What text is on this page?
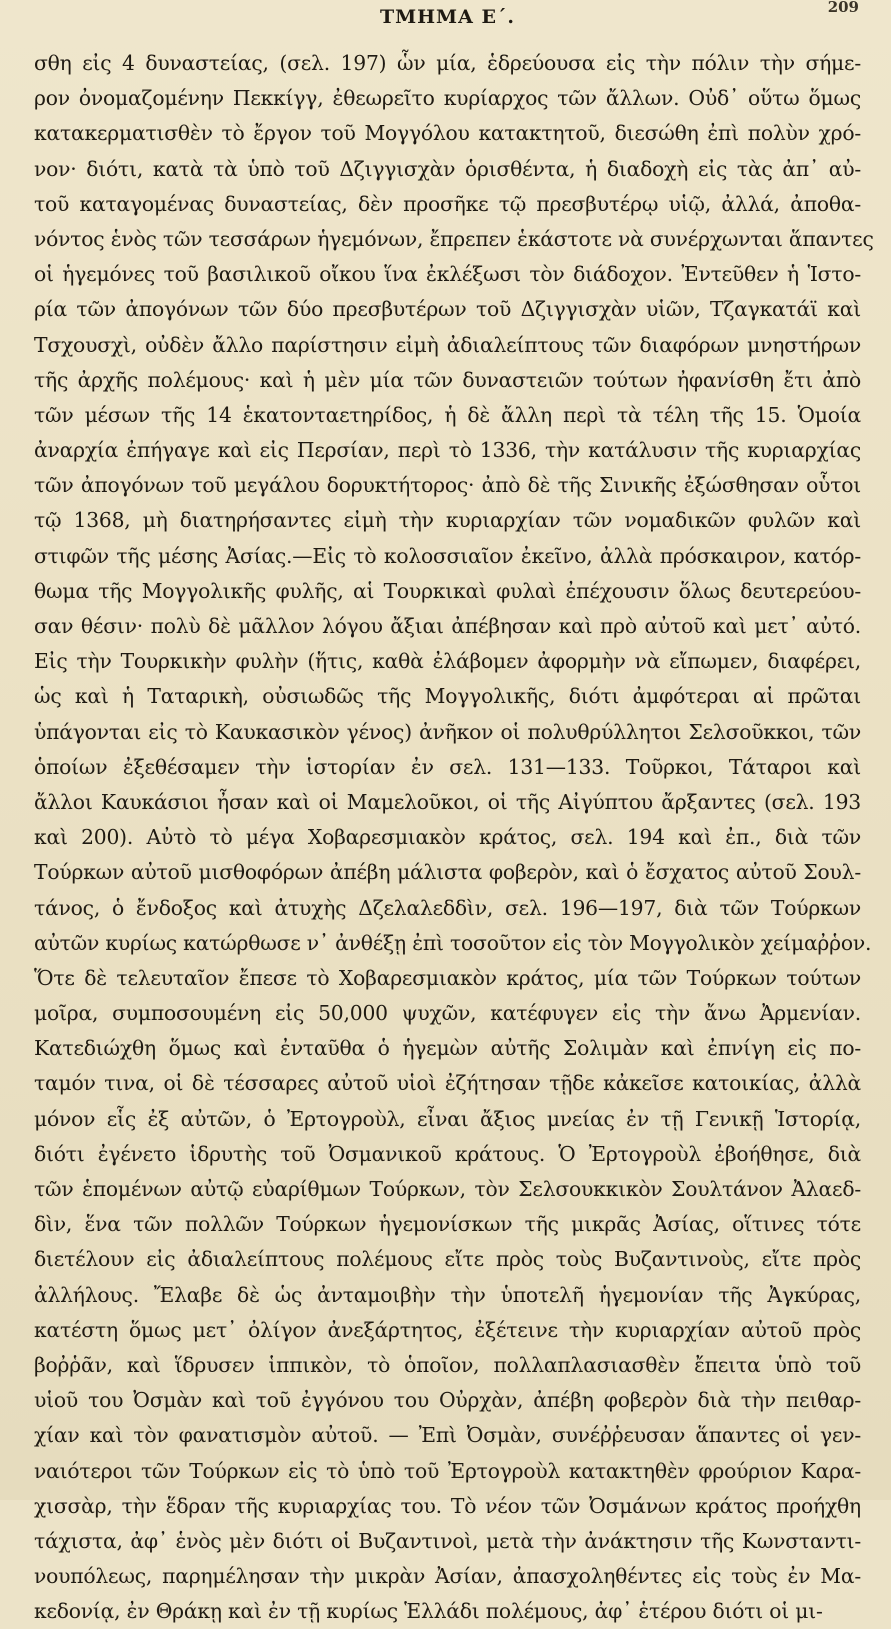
ΤΜΗΜΑ Ε΄.	209
σθη εἰς 4 δυναστείας, (σελ. 197) ὧν μία, ἑδρεύουσα εἰς τὴν πόλιν τὴν σήμε-
ρον ὀνομαζομένην Πεκκίγγ, ἐθεωρεῖτο κυρίαρχος τῶν ἄλλων. Οὐδ᾽ οὕτω ὅμως
κατακερματισθὲν τὸ ἔργον τοῦ Μογγόλου κατακτητοῦ, διεσώθη ἐπὶ πολὺν χρό-
νον· διότι, κατὰ τὰ ὑπὸ τοῦ Δζιγγισχὰν ὁρισθέντα, ἡ διαδοχὴ εἰς τὰς ἀπ᾽ αὐ-
τοῦ καταγομένας δυναστείας, δὲν προσῆκε τῷ πρεσβυτέρῳ υἱῷ, ἀλλά, ἀποθα-
νόντος ἑνὸς τῶν τεσσάρων ἡγεμόνων, ἔπρεπεν ἑκάστοτε νὰ συνέρχωνται ἅπαντες
οἱ ἡγεμόνες τοῦ βασιλικοῦ οἴκου ἵνα ἐκλέξωσι τὸν διάδοχον. Ἐντεῦθεν ἡ Ἱστο-
ρία τῶν ἀπογόνων τῶν δύο πρεσβυτέρων τοῦ Δζιγγισχὰν υἱῶν, Τζαγκατάϊ καὶ
Τσχουσχὶ, οὐδὲν ἄλλο παρίστησιν εἰμὴ ἀδιαλείπτους τῶν διαφόρων μνηστήρων
τῆς ἀρχῆς πολέμους· καὶ ἡ μὲν μία τῶν δυναστειῶν τούτων ἠφανίσθη ἔτι ἀπὸ
τῶν μέσων τῆς 14 ἑκατονταετηρίδος, ἡ δὲ ἄλλη περὶ τὰ τέλη τῆς 15. Ὁμοία
ἀναρχία ἐπήγαγε καὶ εἰς Περσίαν, περὶ τὸ 1336, τὴν κατάλυσιν τῆς κυριαρχίας
τῶν ἀπογόνων τοῦ μεγάλου δορυκτήτορος· ἀπὸ δὲ τῆς Σινικῆς ἐξώσθησαν οὗτοι
τῷ 1368, μὴ διατηρήσαντες εἰμὴ τὴν κυριαρχίαν τῶν νομαδικῶν φυλῶν καὶ
στιφῶν τῆς μέσης Ἀσίας.—Εἰς τὸ κολοσσιαῖον ἐκεῖνο, ἀλλὰ πρόσκαιρον, κατόρ-
θωμα τῆς Μογγολικῆς φυλῆς, αἱ Τουρκικαὶ φυλαὶ ἐπέχουσιν ὅλως δευτερεύου-
σαν θέσιν· πολὺ δὲ μᾶλλον λόγου ἄξιαι ἀπέβησαν καὶ πρὸ αὐτοῦ καὶ μετ᾽ αὐτό.
Εἰς τὴν Τουρκικὴν φυλὴν (ἥτις, καθὰ ἐλάβομεν ἀφορμὴν νὰ εἴπωμεν, διαφέρει,
ὡς καὶ ἡ Ταταρικὴ, οὐσιωδῶς τῆς Μογγολικῆς, διότι ἀμφότεραι αἱ πρῶται
ὑπάγονται εἰς τὸ Καυκασικὸν γένος) ἀνῆκον οἱ πολυθρύλλητοι Σελσοῦκκοι, τῶν
ὁποίων ἐξεθέσαμεν τὴν ἱστορίαν ἐν σελ. 131—133. Τοῦρκοι, Τάταροι καὶ
ἄλλοι Καυκάσιοι ἦσαν καὶ οἱ Μαμελοῦκοι, οἱ τῆς Αἰγύπτου ἄρξαντες (σελ. 193
καὶ 200). Αὐτὸ τὸ μέγα Χοβαρεσμιακὸν κράτος, σελ. 194 καὶ ἐπ., διὰ τῶν
Τούρκων αὐτοῦ μισθοφόρων ἀπέβη μάλιστα φοβερὸν, καὶ ὁ ἔσχατος αὐτοῦ Σουλ-
τάνος, ὁ ἔνδοξος καὶ ἀτυχὴς Δζελαλεδδὶν, σελ. 196—197, διὰ τῶν Τούρκων
αὐτῶν κυρίως κατώρθωσε ν᾽ ἀνθέξῃ ἐπὶ τοσοῦτον εἰς τὸν Μογγολικὸν χείμαῤῥον.
Ὅτε δὲ τελευταῖον ἔπεσε τὸ Χοβαρεσμιακὸν κράτος, μία τῶν Τούρκων τούτων
μοῖρα, συμποσουμένη εἰς 50,000 ψυχῶν, κατέφυγεν εἰς τὴν ἄνω Ἀρμενίαν.
Κατεδιώχθη ὅμως καὶ ἐνταῦθα ὁ ἡγεμὼν αὐτῆς Σολιμὰν καὶ ἐπνίγη εἰς πο-
ταμόν τινα, οἱ δὲ τέσσαρες αὐτοῦ υἱοὶ ἐζήτησαν τῇδε κἀκεῖσε κατοικίας, ἀλλὰ
μόνον εἷς ἐξ αὐτῶν, ὁ Ἐρτογροὺλ, εἶναι ἄξιος μνείας ἐν τῇ Γενικῇ Ἱστορίᾳ,
διότι ἐγένετο ἱδρυτὴς τοῦ Ὀσμανικοῦ κράτους. Ὁ Ἐρτογροὺλ ἐβοήθησε, διὰ
τῶν ἑπομένων αὐτῷ εὐαρίθμων Τούρκων, τὸν Σελσουκκικὸν Σουλτάνον Ἀλαεδ-
δὶν, ἕνα τῶν πολλῶν Τούρκων ἡγεμονίσκων τῆς μικρᾶς Ἀσίας, οἵτινες τότε
διετέλουν εἰς ἀδιαλείπτους πολέμους εἴτε πρὸς τοὺς Βυζαντινοὺς, εἴτε πρὸς
ἀλλήλους. Ἔλαβε δὲ ὡς ἀνταμοιβὴν τὴν ὑποτελῆ ἡγεμονίαν τῆς Ἀγκύρας,
κατέστη ὅμως μετ᾽ ὀλίγον ἀνεξάρτητος, ἐξέτεινε τὴν κυριαρχίαν αὐτοῦ πρὸς
βοῤῥᾶν, καὶ ἵδρυσεν ἱππικὸν, τὸ ὁποῖον, πολλαπλασιασθὲν ἔπειτα ὑπὸ τοῦ
υἱοῦ του Ὀσμὰν καὶ τοῦ ἐγγόνου του Οὐρχὰν, ἀπέβη φοβερὸν διὰ τὴν πειθαρ-
χίαν καὶ τὸν φανατισμὸν αὐτοῦ. — Ἐπὶ Ὀσμὰν, συνέῤῥευσαν ἅπαντες οἱ γεν-
ναιότεροι τῶν Τούρκων εἰς τὸ ὑπὸ τοῦ Ἐρτογροὺλ κατακτηθὲν φρούριον Καρα-
χισσὰρ, τὴν ἕδραν τῆς κυριαρχίας του. Τὸ νέον τῶν Ὀσμάνων κράτος προήχθη
τάχιστα, ἀφ᾽ ἑνὸς μὲν διότι οἱ Βυζαντινοὶ, μετὰ τὴν ἀνάκτησιν τῆς Κωνσταντι-
νουπόλεως, παρημέλησαν τὴν μικρὰν Ἀσίαν, ἀπασχοληθέντες εἰς τοὺς ἐν Μα-
κεδονίᾳ, ἐν Θράκῃ καὶ ἐν τῇ κυρίως Ἑλλάδι πολέμους, ἀφ᾽ ἑτέρου διότι οἱ μι-
